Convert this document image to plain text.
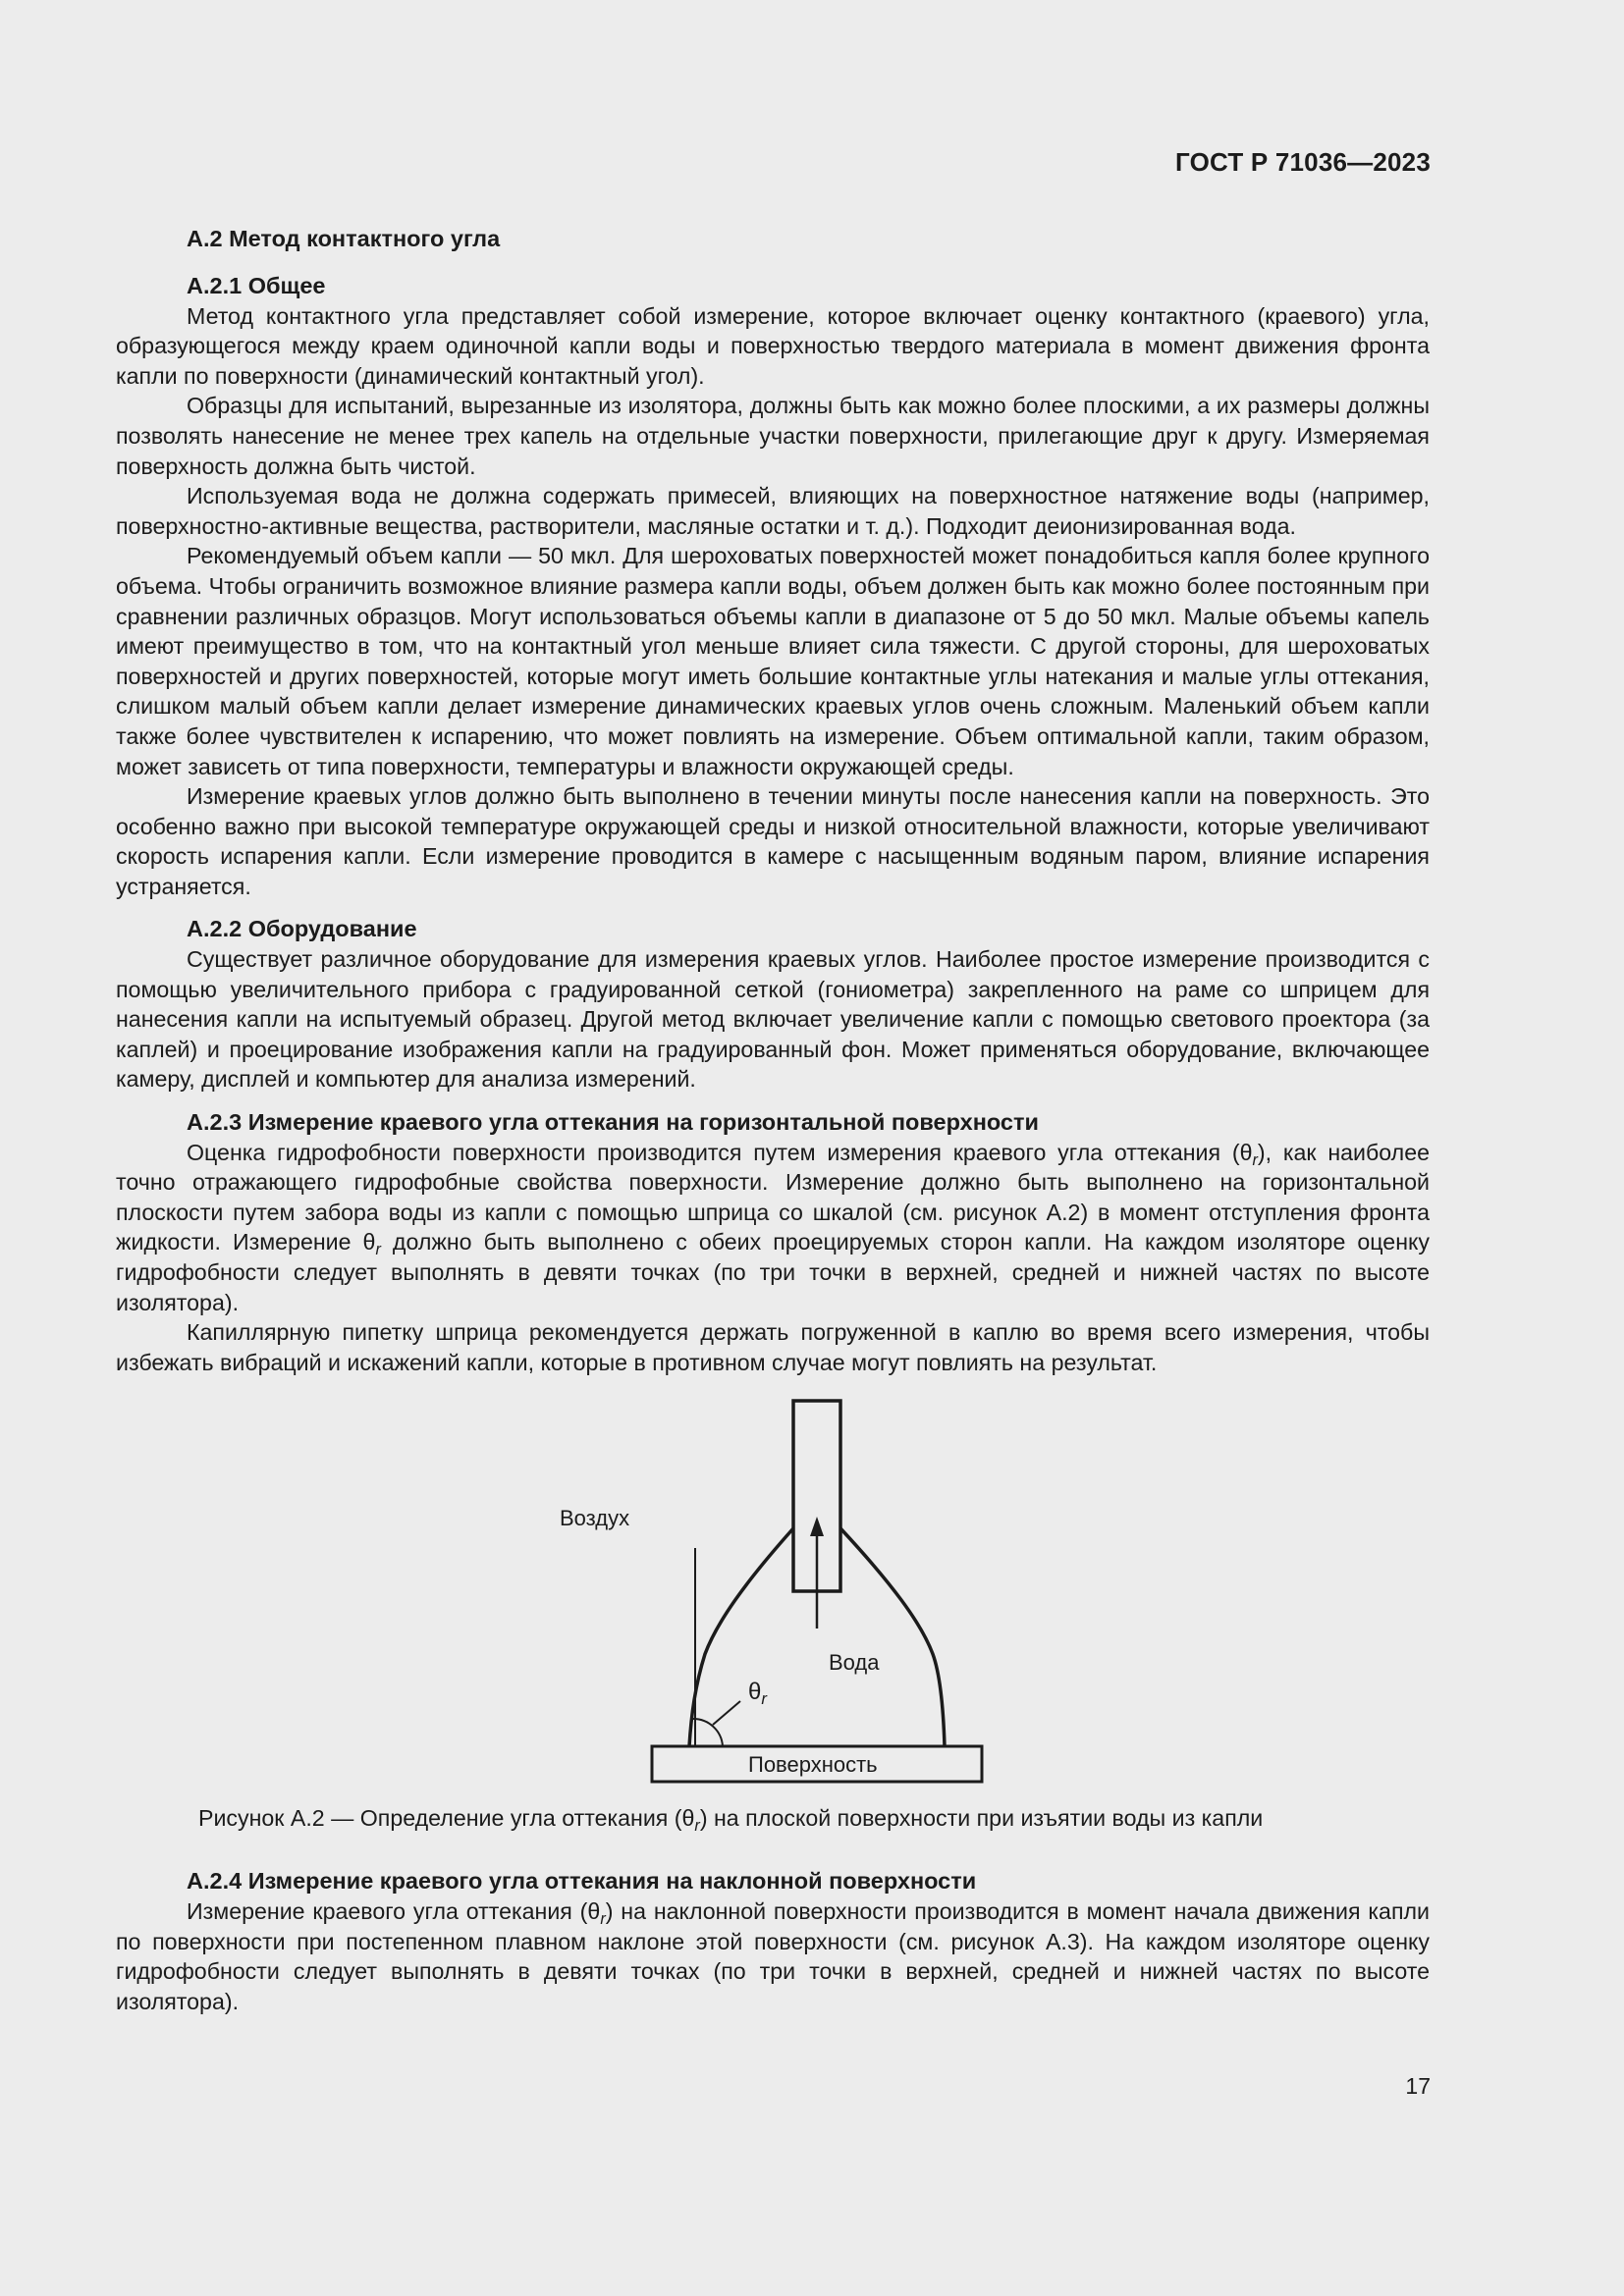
ГОСТ Р 71036—2023
А.2 Метод контактного угла
А.2.1 Общее

Метод контактного угла представляет собой измерение, которое включает оценку контактного (краевого) угла, образующегося между краем одиночной капли воды и поверхностью твердого материала в момент движения фронта капли по поверхности (динамический контактный угол).

Образцы для испытаний, вырезанные из изолятора, должны быть как можно более плоскими, а их размеры должны позволять нанесение не менее трех капель на отдельные участки поверхности, прилегающие друг к другу. Измеряемая поверхность должна быть чистой.

Используемая вода не должна содержать примесей, влияющих на поверхностное натяжение воды (например, поверхностно-активные вещества, растворители, масляные остатки и т. д.). Подходит деионизированная вода.

Рекомендуемый объем капли — 50 мкл. Для шероховатых поверхностей может понадобиться капля более крупного объема. Чтобы ограничить возможное влияние размера капли воды, объем должен быть как можно более постоянным при сравнении различных образцов. Могут использоваться объемы капли в диапазоне от 5 до 50 мкл. Малые объемы капель имеют преимущество в том, что на контактный угол меньше влияет сила тяжести. С другой стороны, для шероховатых поверхностей и других поверхностей, которые могут иметь большие контактные углы натекания и малые углы оттекания, слишком малый объем капли делает измерение динамических краевых углов очень сложным. Маленький объем капли также более чувствителен к испарению, что может повлиять на измерение. Объем оптимальной капли, таким образом, может зависеть от типа поверхности, температуры и влажности окружающей среды.

Измерение краевых углов должно быть выполнено в течении минуты после нанесения капли на поверхность. Это особенно важно при высокой температуре окружающей среды и низкой относительной влажности, которые увеличивают скорость испарения капли. Если измерение проводится в камере с насыщенным водяным паром, влияние испарения устраняется.

А.2.2 Оборудование

Существует различное оборудование для измерения краевых углов. Наиболее простое измерение производится с помощью увеличительного прибора с градуированной сеткой (гониометра) закрепленного на раме со шприцем для нанесения капли на испытуемый образец. Другой метод включает увеличение капли с помощью светового проектора (за каплей) и проецирование изображения капли на градуированный фон. Может применяться оборудование, включающее камеру, дисплей и компьютер для анализа измерений.

А.2.3 Измерение краевого угла оттекания на горизонтальной поверхности

Оценка гидрофобности поверхности производится путем измерения краевого угла оттекания $(\theta_r)$, как наиболее точно отражающего гидрофобные свойства поверхности. Измерение должно быть выполнено на горизонтальной плоскости путем забора воды из капли с помощью шприца со шкалой (см. рисунок А.2) в момент отступления фронта жидкости. Измерение $\theta_r$ должно быть выполнено с обеих проецируемых сторон капли. На каждом изоляторе оценку гидрофобности следует выполнять в девяти точках (по три точки в верхней, средней и нижней частях по высоте изолятора).

Капиллярную пипетку шприца рекомендуется держать погруженной в каплю во время всего измерения, чтобы избежать вибраций и искажений капли, которые в противном случае могут повлиять на результат.

Воздух
Вода
$\theta_r$
Поверхность
Рисунок А.2 — Определение угла оттекания $(\theta_r)$ на плоской поверхности при изъятии воды из капли
А.2.4 Измерение краевого угла оттекания на наклонной поверхности

Измерение краевого угла оттекания $(\theta_r)$ на наклонной поверхности производится в момент начала движения капли по поверхности при постепенном плавном наклоне этой поверхности (см. рисунок А.3). На каждом изоляторе оценку гидрофобности следует выполнять в девяти точках (по три точки в верхней, средней и нижней частях по высоте изолятора).

17
